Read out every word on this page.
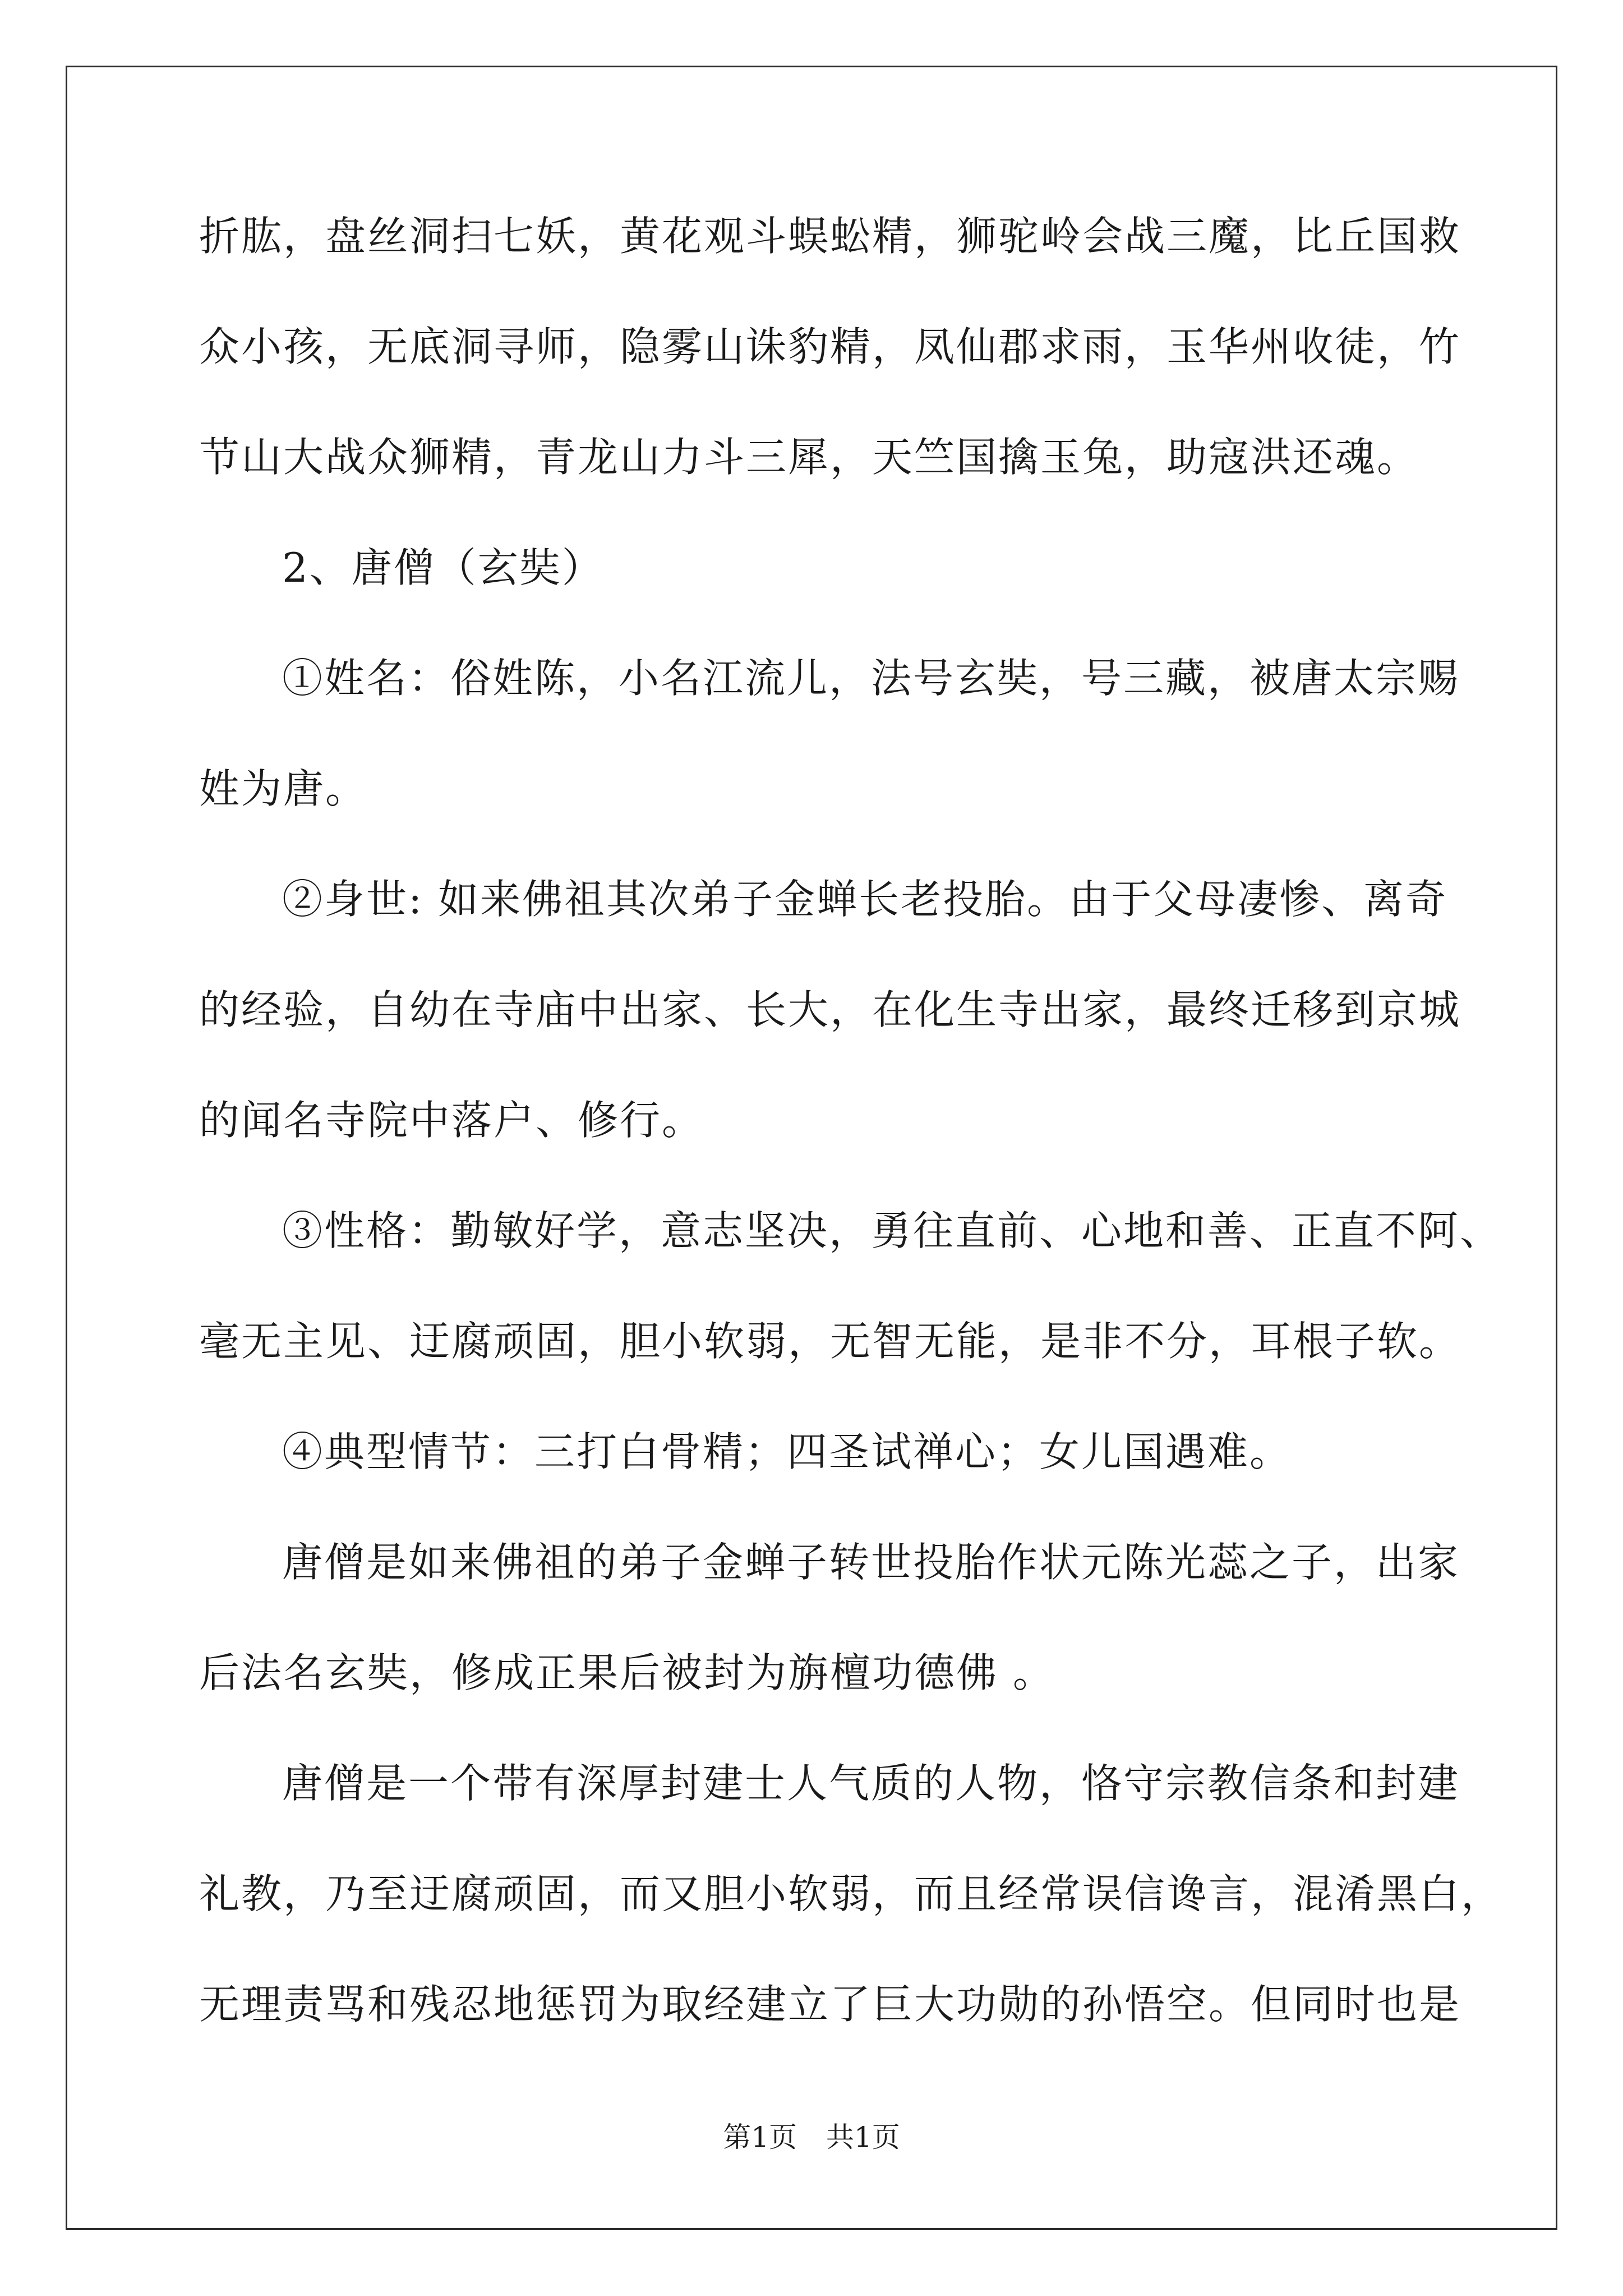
折肱，盘丝洞扫七妖，黄花观斗蜈蚣精，狮驼岭会战三魔，比丘国救
众小孩，无底洞寻师，隐雾山诛豹精，凤仙郡求雨，玉华州收徒，竹
节山大战众狮精，青龙山力斗三犀，天竺国擒玉兔，助寇洪还魂。
2、唐僧（玄奘）
①姓名：俗姓陈，小名江流儿，法号玄奘，号三藏，被唐太宗赐
姓为唐。
②身世: 如来佛祖其次弟子金蝉长老投胎。由于父母凄惨、离奇
的经验，自幼在寺庙中出家、长大，在化生寺出家，最终迁移到京城
的闻名寺院中落户、修行。
③性格：勤敏好学，意志坚决，勇往直前、心地和善、正直不阿、
毫无主见、迂腐顽固，胆小软弱，无智无能，是非不分，耳根子软。
④典型情节：三打白骨精；四圣试禅心；女儿国遇难。
唐僧是如来佛祖的弟子金蝉子转世投胎作状元陈光蕊之子，出家
后法名玄奘，修成正果后被封为旃檀功德佛 。
唐僧是一个带有深厚封建士人气质的人物，恪守宗教信条和封建
礼教，乃至迂腐顽固，而又胆小软弱，而且经常误信谗言，混淆黑白，
无理责骂和残忍地惩罚为取经建立了巨大功勋的孙悟空。但同时也是
第1页 共1页
